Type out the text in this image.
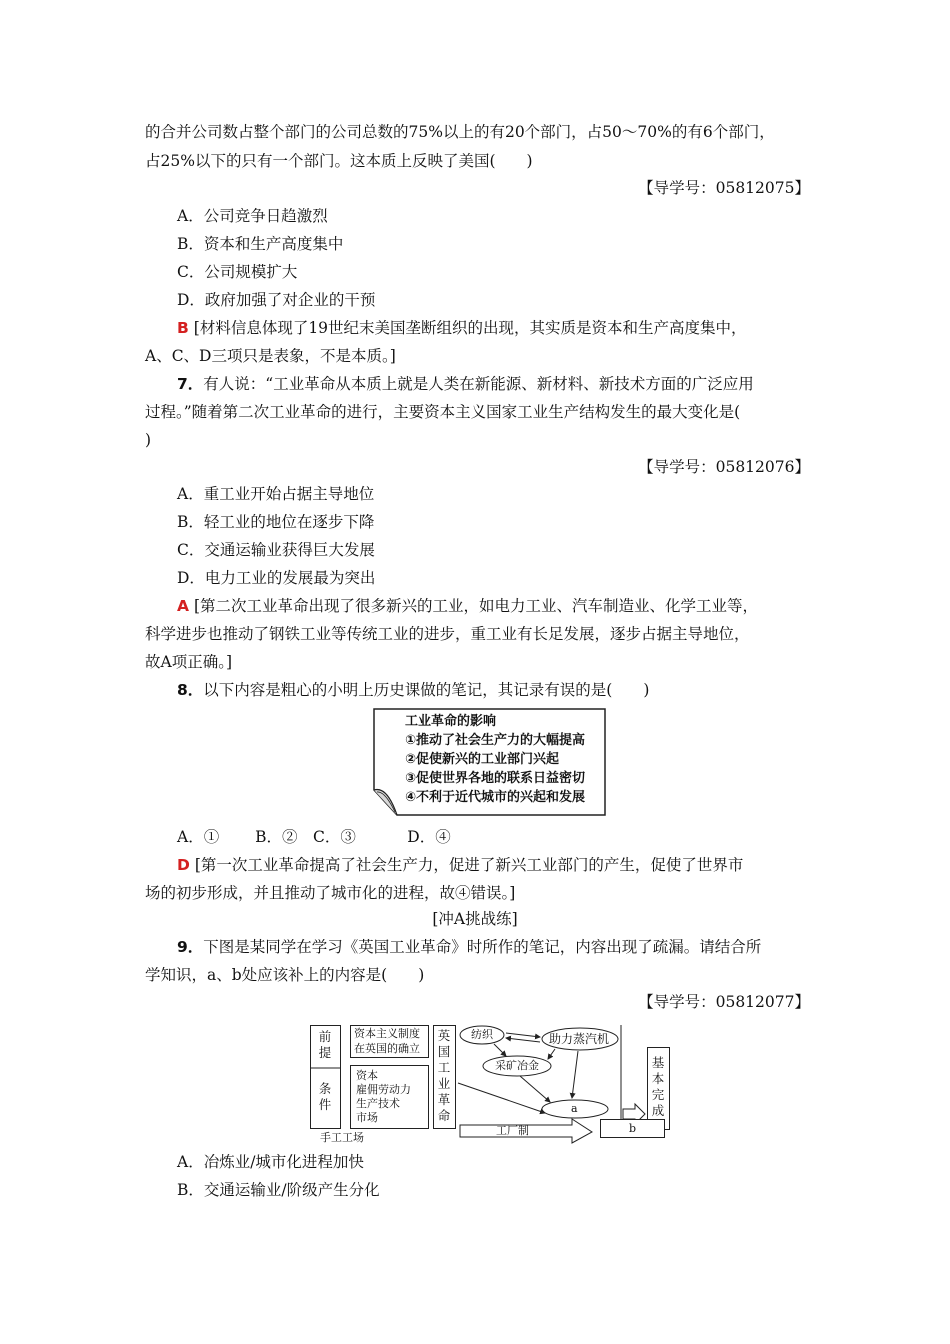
的合并公司数占整个部门的公司总数的75%以上的有20个部门，占50～70%的有6个部门，
占25%以下的只有一个部门。这本质上反映了美国(　　)
【导学号：05812075】
A．公司竞争日趋激烈
B．资本和生产高度集中
C．公司规模扩大
D．政府加强了对企业的干预
B [材料信息体现了19世纪末美国垄断组织的出现，其实质是资本和生产高度集中，
A、C、D三项只是表象，不是本质。]
7．有人说：“工业革命从本质上就是人类在新能源、新材料、新技术方面的广泛应用
过程。”随着第二次工业革命的进行，主要资本主义国家工业生产结构发生的最大变化是(
)
【导学号：05812076】
A．重工业开始占据主导地位
B．轻工业的地位在逐步下降
C．交通运输业获得巨大发展
D．电力工业的发展最为突出
A [第二次工业革命出现了很多新兴的工业，如电力工业、汽车制造业、化学工业等，
科学进步也推动了钢铁工业等传统工业的进步，重工业有长足发展，逐步占据主导地位，
故A项正确。]
8．以下内容是粗心的小明上历史课做的笔记，其记录有误的是(　　)
工业革命的影响
①推动了社会生产力的大幅提高
②促使新兴的工业部门兴起
③促使世界各地的联系日益密切
④不利于近代城市的兴起和发展
A．①　　 B．②　C．③　　　 D．④
D [第一次工业革命提高了社会生产力，促进了新兴工业部门的产生，促使了世界市
场的初步形成，并且推动了城市化的进程，故④错误。]
[冲A挑战练]
9．下图是某同学在学习《英国工业革命》时所作的笔记，内容出现了疏漏。请结合所
学知识，a、b处应该补上的内容是(　　)
【导学号：05812077】
前提
条件
资本主义制度
在英国的确立
资本
雇佣劳动力
生产技术
市场
英国工业革命
纺织	助力蒸汽机
采矿冶金
a
b
基本完成
手工工场
工厂制
A．冶炼业/城市化进程加快
B．交通运输业/阶级产生分化
